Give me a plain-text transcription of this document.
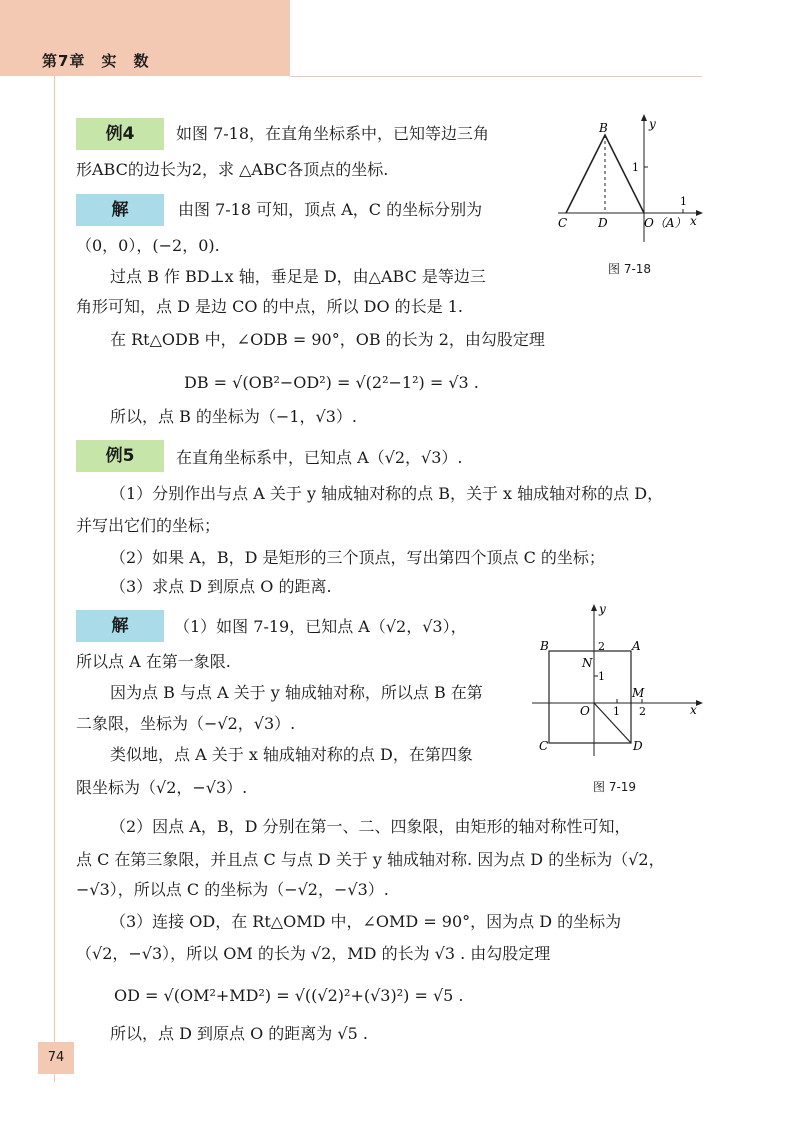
第7章　实　数
例4	如图 7-18，在直角坐标系中，已知等边三角
形ABC的边长为2，求 △ABC各顶点的坐标.
解	由图 7-18 可知，顶点 A，C 的坐标分别为
（0，0），(−2，0).
过点 B 作 BD⊥x 轴，垂足是 D，由△ABC 是等边三
角形可知，点 D 是边 CO 的中点，所以 DO 的长是 1.
在 Rt△ODB 中，∠ODB = 90°，OB 的长为 2，由勾股定理
DB = √(OB²−OD²) = √(2²−1²) = √3 .
所以，点 B 的坐标为（−1，√3）.
B	y
1
1
C	D	O（A） x
图 7-18
例5	在直角坐标系中，已知点 A（√2，√3）.
（1）分别作出与点 A 关于 y 轴成轴对称的点 B，关于 x 轴成轴对称的点 D，
并写出它们的坐标；
（2）如果 A，B，D 是矩形的三个顶点，写出第四个顶点 C 的坐标；
（3）求点 D 到原点 O 的距离.
解	（1）如图 7-19，已知点 A（√2，√3），
所以点 A 在第一象限.
因为点 B 与点 A 关于 y 轴成轴对称，所以点 B 在第
二象限，坐标为（−√2，√3）.
类似地，点 A 关于 x 轴成轴对称的点 D，在第四象
限坐标为（√2，−√3）.
（2）因点 A，B，D 分别在第一、二、四象限，由矩形的轴对称性可知，
点 C 在第三象限，并且点 C 与点 D 关于 y 轴成轴对称. 因为点 D 的坐标为（√2，
−√3），所以点 C 的坐标为（−√2，−√3）.
（3）连接 OD，在 Rt△OMD 中，∠OMD = 90°，因为点 D 的坐标为
（√2，−√3），所以 OM 的长为 √2，MD 的长为 √3 . 由勾股定理
OD = √(OM²+MD²) = √((√2)²+(√3)²) = √5 .
所以，点 D 到原点 O 的距离为 √5 .
y
B	2 A
N
1
M
O 1 2	x
C	D
图 7-19
74
